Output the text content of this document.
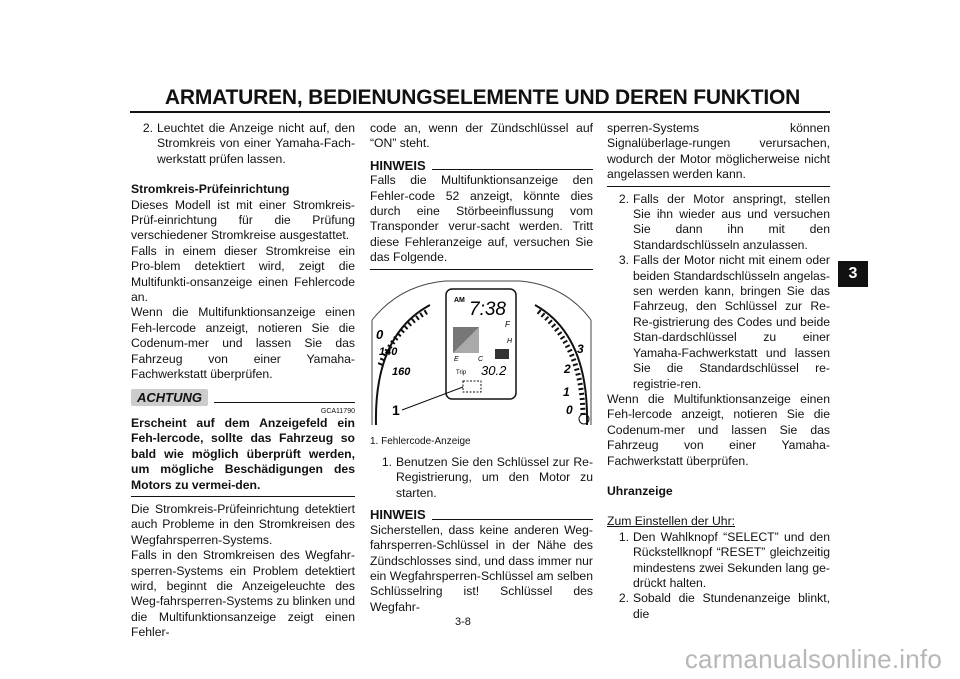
ARMATUREN, BEDIENUNGSELEMENTE UND DEREN FUNKTION
3
2. Leuchtet die Anzeige nicht auf, den Stromkreis von einer Yamaha-Fach-werkstatt prüfen lassen.

Stromkreis-Prüfeinrichtung

Dieses Modell ist mit einer Stromkreis-Prüf-einrichtung für die Prüfung verschiedener Stromkreise ausgestattet.

Falls in einem dieser Stromkreise ein Pro-blem detektiert wird, zeigt die Multifunkti-onsanzeige einen Fehlercode an.

Wenn die Multifunktionsanzeige einen Feh-lercode anzeigt, notieren Sie die Codenum-mer und lassen Sie das Fahrzeug von einer Yamaha-Fachwerkstatt überprüfen.

ACHTUNG
GCA11790

Erscheint auf dem Anzeigefeld ein Feh-lercode, sollte das Fahrzeug so bald wie möglich überprüft werden, um mögliche Beschädigungen des Motors zu vermei-den.

Die Stromkreis-Prüfeinrichtung detektiert auch Probleme in den Stromkreisen des Wegfahrsperren-Systems.

Falls in den Stromkreisen des Wegfahr-sperren-Systems ein Problem detektiert wird, beginnt die Anzeigeleuchte des Weg-fahrsperren-Systems zu blinken und die Multifunktionsanzeige zeigt einen Fehler-

code an, wenn der Zündschlüssel auf “ON” steht.

HINWEIS

Falls die Multifunktionsanzeige den Fehler-code 52 anzeigt, könnte dies durch eine Störbeeinflussung vom Transponder verur-sacht werden. Tritt diese Fehleranzeige auf, versuchen Sie das Folgende.

AM 7:38
F
H
E	C
Trip 30.2
0
140
160
3
2
1
0
1
1. Fehlercode-Anzeige
1. Benutzen Sie den Schlüssel zur Re-Registrierung, um den Motor zu starten.
HINWEIS

Sicherstellen, dass keine anderen Weg-fahrsperren-Schlüssel in der Nähe des Zündschlosses sind, und dass immer nur ein Wegfahrsperren-Schlüssel am selben Schlüsselring ist! Schlüssel des Wegfahr-

sperren-Systems können Signalüberlage-rungen verursachen, wodurch der Motor möglicherweise nicht angelassen werden kann.

2. Falls der Motor anspringt, stellen Sie ihn wieder aus und versuchen Sie dann ihn mit den Standardschlüsseln anzulassen.
3. Falls der Motor nicht mit einem oder beiden Standardschlüsseln angelas-sen werden kann, bringen Sie das Fahrzeug, den Schlüssel zur Re-Re-gistrierung des Codes und beide Stan-dardschlüssel zu einer Yamaha-Fachwerkstatt und lassen Sie die Standardschlüssel re-registrie-ren.

Wenn die Multifunktionsanzeige einen Feh-lercode anzeigt, notieren Sie die Codenum-mer und lassen Sie das Fahrzeug von einer Yamaha-Fachwerkstatt überprüfen.

Uhranzeige

Zum Einstellen der Uhr:

1. Den Wahlknopf “SELECT” und den Rückstellknopf “RESET” gleichzeitig mindestens zwei Sekunden lang ge-drückt halten.
2. Sobald die Stundenanzeige blinkt, die
3-8
carmanualsonline.info
